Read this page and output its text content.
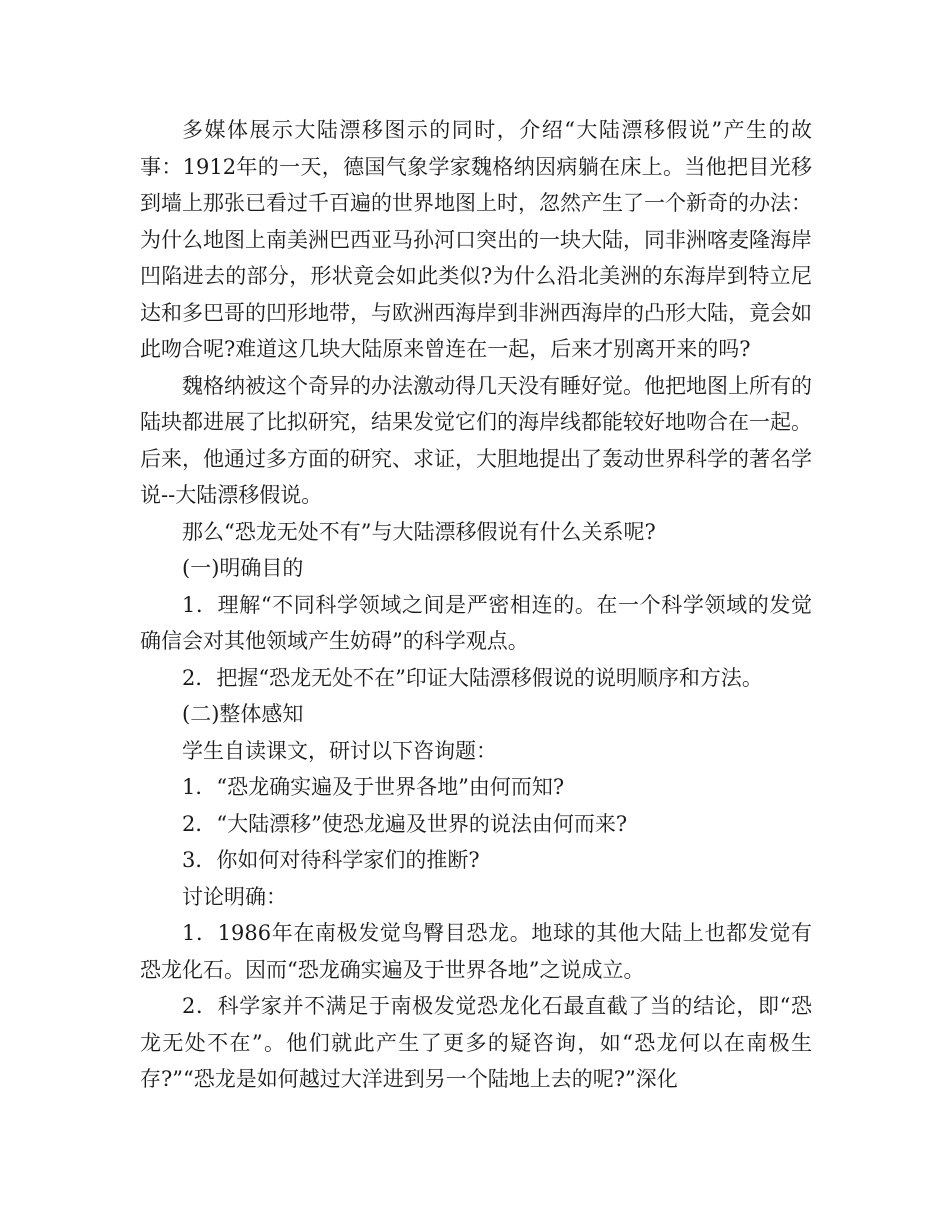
多媒体展示大陆漂移图示的同时，介绍“大陆漂移假说”产生的故事：1912年的一天，德国气象学家魏格纳因病躺在床上。当他把目光移到墙上那张已看过千百遍的世界地图上时，忽然产生了一个新奇的办法：为什么地图上南美洲巴西亚马孙河口突出的一块大陆，同非洲喀麦隆海岸凹陷进去的部分，形状竟会如此类似?为什么沿北美洲的东海岸到特立尼达和多巴哥的凹形地带，与欧洲西海岸到非洲西海岸的凸形大陆，竟会如此吻合呢?难道这几块大陆原来曾连在一起，后来才别离开来的吗?

魏格纳被这个奇异的办法激动得几天没有睡好觉。他把地图上所有的陆块都进展了比拟研究，结果发觉它们的海岸线都能较好地吻合在一起。后来，他通过多方面的研究、求证，大胆地提出了轰动世界科学的著名学说--大陆漂移假说。

那么“恐龙无处不有”与大陆漂移假说有什么关系呢?

(一)明确目的

1．理解“不同科学领域之间是严密相连的。在一个科学领域的发觉确信会对其他领域产生妨碍”的科学观点。

2．把握“恐龙无处不在”印证大陆漂移假说的说明顺序和方法。

(二)整体感知

学生自读课文，研讨以下咨询题：

1．“恐龙确实遍及于世界各地”由何而知?

2．“大陆漂移”使恐龙遍及世界的说法由何而来?

3．你如何对待科学家们的推断?

讨论明确：

1．1986年在南极发觉鸟臀目恐龙。地球的其他大陆上也都发觉有恐龙化石。因而“恐龙确实遍及于世界各地”之说成立。

2．科学家并不满足于南极发觉恐龙化石最直截了当的结论，即“恐龙无处不在”。他们就此产生了更多的疑咨询，如“恐龙何以在南极生存?”“恐龙是如何越过大洋进到另一个陆地上去的呢?”深化
